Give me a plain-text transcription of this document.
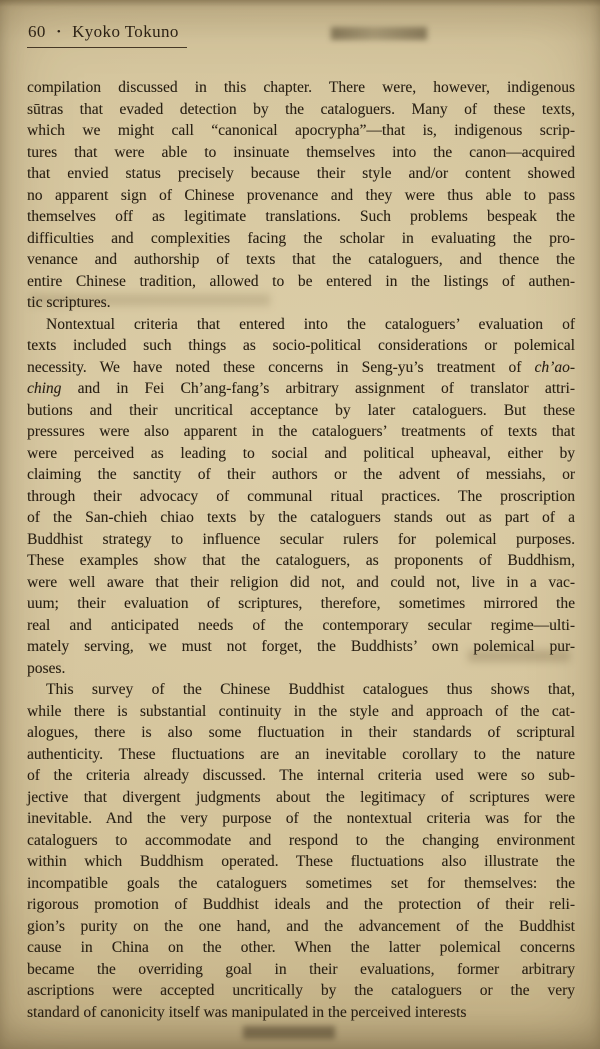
60 • Kyoko Tokuno
compilation discussed in this chapter. There were, however, indigenous
sūtras that evaded detection by the cataloguers. Many of these texts,
which we might call “canonical apocrypha”—that is, indigenous scrip-
tures that were able to insinuate themselves into the canon—acquired
that envied status precisely because their style and/or content showed
no apparent sign of Chinese provenance and they were thus able to pass
themselves off as legitimate translations. Such problems bespeak the
difficulties and complexities facing the scholar in evaluating the pro-
venance and authorship of texts that the cataloguers, and thence the
entire Chinese tradition, allowed to be entered in the listings of authen-
tic scriptures.
Nontextual criteria that entered into the cataloguers’ evaluation of
texts included such things as socio-political considerations or polemical
necessity. We have noted these concerns in Seng-yu’s treatment of ch’ao-
ching and in Fei Ch’ang-fang’s arbitrary assignment of translator attri-
butions and their uncritical acceptance by later cataloguers. But these
pressures were also apparent in the cataloguers’ treatments of texts that
were perceived as leading to social and political upheaval, either by
claiming the sanctity of their authors or the advent of messiahs, or
through their advocacy of communal ritual practices. The proscription
of the San-chieh chiao texts by the cataloguers stands out as part of a
Buddhist strategy to influence secular rulers for polemical purposes.
These examples show that the cataloguers, as proponents of Buddhism,
were well aware that their religion did not, and could not, live in a vac-
uum; their evaluation of scriptures, therefore, sometimes mirrored the
real and anticipated needs of the contemporary secular regime—ulti-
mately serving, we must not forget, the Buddhists’ own polemical pur-
poses.
This survey of the Chinese Buddhist catalogues thus shows that,
while there is substantial continuity in the style and approach of the cat-
alogues, there is also some fluctuation in their standards of scriptural
authenticity. These fluctuations are an inevitable corollary to the nature
of the criteria already discussed. The internal criteria used were so sub-
jective that divergent judgments about the legitimacy of scriptures were
inevitable. And the very purpose of the nontextual criteria was for the
cataloguers to accommodate and respond to the changing environment
within which Buddhism operated. These fluctuations also illustrate the
incompatible goals the cataloguers sometimes set for themselves: the
rigorous promotion of Buddhist ideals and the protection of their reli-
gion’s purity on the one hand, and the advancement of the Buddhist
cause in China on the other. When the latter polemical concerns
became the overriding goal in their evaluations, former arbitrary
ascriptions were accepted uncritically by the cataloguers or the very
standard of canonicity itself was manipulated in the perceived interests
